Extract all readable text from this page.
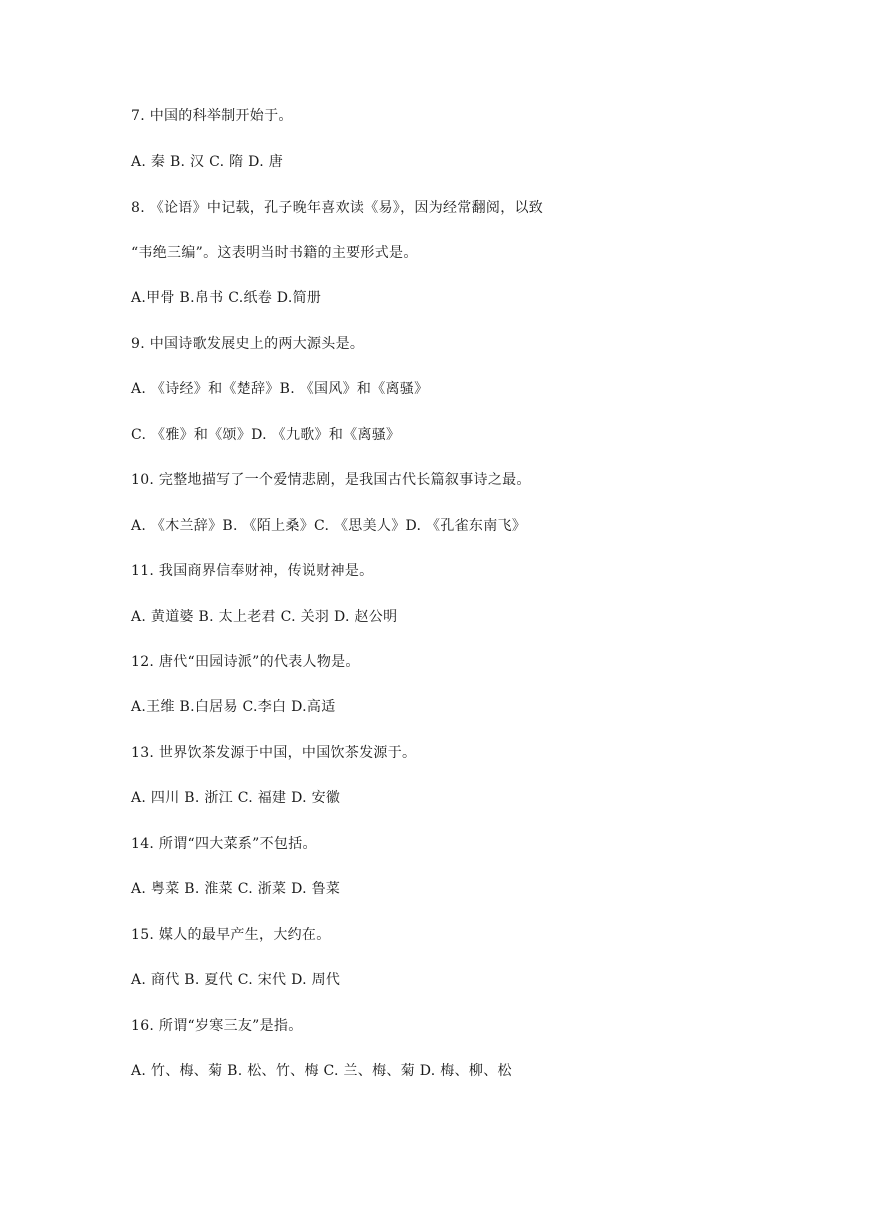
7. 中国的科举制开始于。
A. 秦 B. 汉 C. 隋 D. 唐
8. 《论语》中记载，孔子晚年喜欢读《易》，因为经常翻阅，以致
“韦绝三编”。这表明当时书籍的主要形式是。
A.甲骨 B.帛书 C.纸卷 D.简册
9. 中国诗歌发展史上的两大源头是。
A. 《诗经》和《楚辞》B. 《国风》和《离骚》
C. 《雅》和《颂》D. 《九歌》和《离骚》
10. 完整地描写了一个爱情悲剧，是我国古代长篇叙事诗之最。
A. 《木兰辞》B. 《陌上桑》C. 《思美人》D. 《孔雀东南飞》
11. 我国商界信奉财神，传说财神是。
A. 黄道婆 B. 太上老君 C. 关羽 D. 赵公明
12. 唐代“田园诗派”的代表人物是。
A.王维 B.白居易 C.李白 D.高适
13. 世界饮茶发源于中国，中国饮茶发源于。
A. 四川 B. 浙江 C. 福建 D. 安徽
14. 所谓“四大菜系”不包括。
A. 粤菜 B. 淮菜 C. 浙菜 D. 鲁菜
15. 媒人的最早产生，大约在。
A. 商代 B. 夏代 C. 宋代 D. 周代
16. 所谓“岁寒三友”是指。
A. 竹、梅、菊 B. 松、竹、梅 C. 兰、梅、菊 D. 梅、柳、松
